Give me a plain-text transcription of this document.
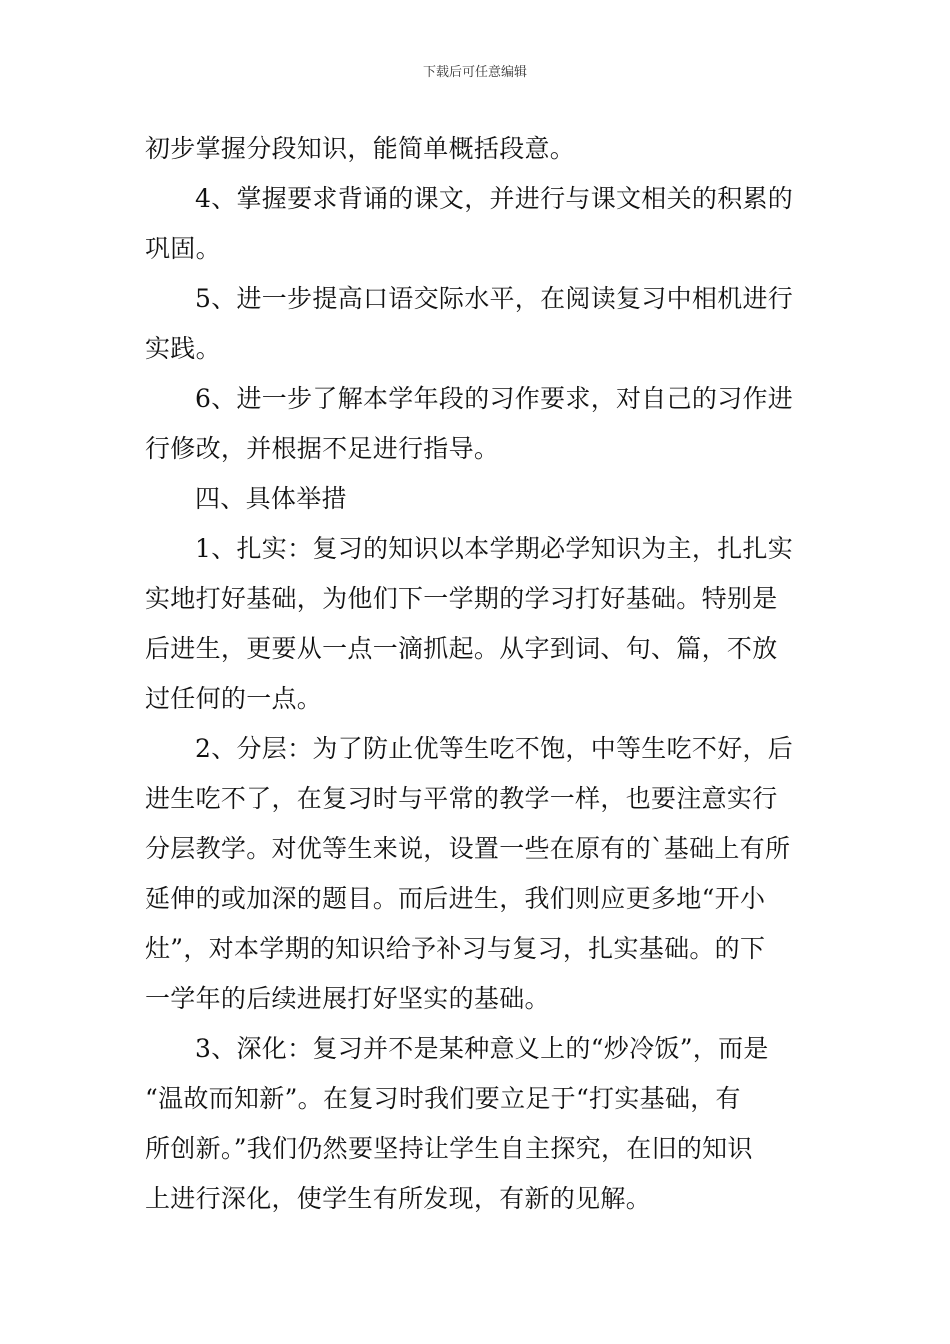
下载后可任意编辑
初步掌握分段知识，能简单概括段意。
4、掌握要求背诵的课文，并进行与课文相关的积累的
巩固。
5、进一步提高口语交际水平，在阅读复习中相机进行
实践。
6、进一步了解本学年段的习作要求，对自己的习作进
行修改，并根据不足进行指导。
四、具体举措
1、扎实：复习的知识以本学期必学知识为主，扎扎实
实地打好基础，为他们下一学期的学习打好基础。特别是
后进生，更要从一点一滴抓起。从字到词、句、篇，不放
过任何的一点。
2、分层：为了防止优等生吃不饱，中等生吃不好，后
进生吃不了，在复习时与平常的教学一样，也要注意实行
分层教学。对优等生来说，设置一些在原有的`基础上有所
延伸的或加深的题目。而后进生，我们则应更多地“开小
灶”，对本学期的知识给予补习与复习，扎实基础。的下
一学年的后续进展打好坚实的基础。
3、深化：复习并不是某种意义上的“炒冷饭”，而是
“温故而知新”。在复习时我们要立足于“打实基础，有
所创新。”我们仍然要坚持让学生自主探究，在旧的知识
上进行深化，使学生有所发现，有新的见解。
